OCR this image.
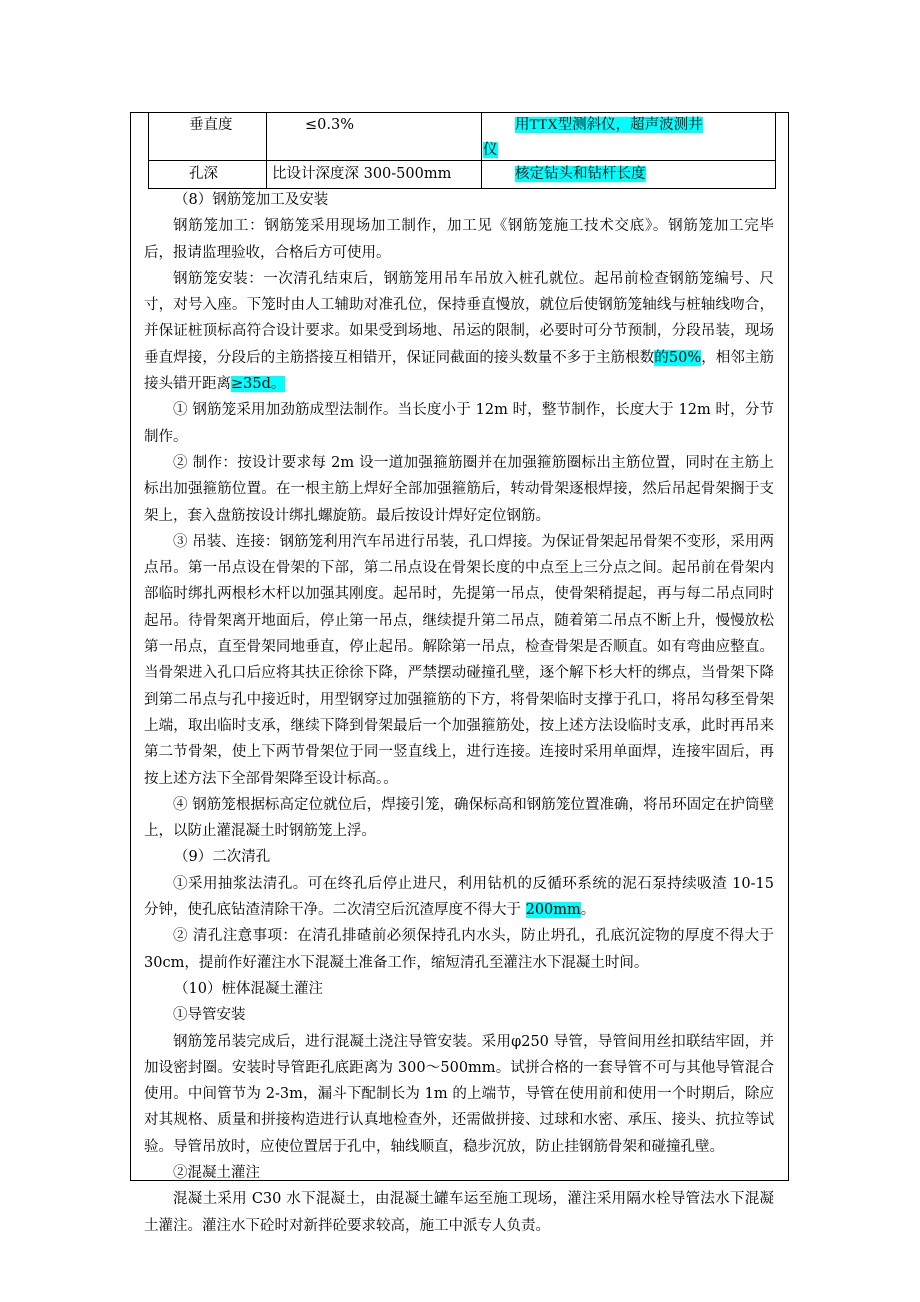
垂直度	≤0.3%	用TTX型测斜仪，超声波测井
仪
孔深	比设计深度深 300-500mm	核定钻头和钻杆长度

（8）钢筋笼加工及安装

钢筋笼加工：钢筋笼采用现场加工制作，加工见《钢筋笼施工技术交底》。钢筋笼加工完毕后，报请监理验收，合格后方可使用。

钢筋笼安装：一次清孔结束后，钢筋笼用吊车吊放入桩孔就位。起吊前检查钢筋笼编号、尺寸，对号入座。下笼时由人工辅助对准孔位，保持垂直慢放，就位后使钢筋笼轴线与桩轴线吻合，并保证桩顶标高符合设计要求。如果受到场地、吊运的限制，必要时可分节预制，分段吊装，现场垂直焊接，分段后的主筋搭接互相错开，保证同截面的接头数量不多于主筋根数的50%，相邻主筋接头错开距离≥35d。

① 钢筋笼采用加劲筋成型法制作。当长度小于 12m 时，整节制作，长度大于 12m 时，分节制作。

② 制作：按设计要求每 2m 设一道加强箍筋圈并在加强箍筋圈标出主筋位置，同时在主筋上标出加强箍筋位置。在一根主筋上焊好全部加强箍筋后，转动骨架逐根焊接，然后吊起骨架搁于支架上，套入盘筋按设计绑扎螺旋筋。最后按设计焊好定位钢筋。

③ 吊装、连接：钢筋笼利用汽车吊进行吊装，孔口焊接。为保证骨架起吊骨架不变形，采用两点吊。第一吊点设在骨架的下部，第二吊点设在骨架长度的中点至上三分点之间。起吊前在骨架内部临时绑扎两根杉木杆以加强其刚度。起吊时，先提第一吊点，使骨架稍提起，再与每二吊点同时起吊。待骨架离开地面后，停止第一吊点，继续提升第二吊点，随着第二吊点不断上升，慢慢放松第一吊点，直至骨架同地垂直，停止起吊。解除第一吊点，检查骨架是否顺直。如有弯曲应整直。当骨架进入孔口后应将其扶正徐徐下降，严禁摆动碰撞孔壁，逐个解下杉大杆的绑点，当骨架下降到第二吊点与孔中接近时，用型钢穿过加强箍筋的下方，将骨架临时支撑于孔口，将吊勾移至骨架上端，取出临时支承，继续下降到骨架最后一个加强箍筋处，按上述方法设临时支承，此时再吊来第二节骨架，使上下两节骨架位于同一竖直线上，进行连接。连接时采用单面焊，连接牢固后，再按上述方法下全部骨架降至设计标高。。

④ 钢筋笼根据标高定位就位后，焊接引笼，确保标高和钢筋笼位置准确，将吊环固定在护筒壁上，以防止灌混凝土时钢筋笼上浮。

（9）二次清孔

①采用抽浆法清孔。可在终孔后停止进尺，利用钻机的反循环系统的泥石泵持续吸渣 10-15 分钟，使孔底钻渣清除干净。二次清空后沉渣厚度不得大于 200mm。

② 清孔注意事项：在清孔排碴前必须保持孔内水头，防止坍孔，孔底沉淀物的厚度不得大于 30cm，提前作好灌注水下混凝土准备工作，缩短清孔至灌注水下混凝土时间。

（10）桩体混凝土灌注

①导管安装

钢筋笼吊装完成后，进行混凝土浇注导管安装。采用φ250 导管，导管间用丝扣联结牢固，并加设密封圈。安装时导管距孔底距离为 300～500mm。试拼合格的一套导管不可与其他导管混合使用。中间管节为 2-3m，漏斗下配制长为 1m 的上端节，导管在使用前和使用一个时期后，除应对其规格、质量和拼接构造进行认真地检查外，还需做拼接、过球和水密、承压、接头、抗拉等试验。导管吊放时，应使位置居于孔中，轴线顺直，稳步沉放，防止挂钢筋骨架和碰撞孔壁。

②混凝土灌注

混凝土采用 C30 水下混凝土，由混凝土罐车运至施工现场，灌注采用隔水栓导管法水下混凝土灌注。灌注水下砼时对新拌砼要求较高，施工中派专人负责。
